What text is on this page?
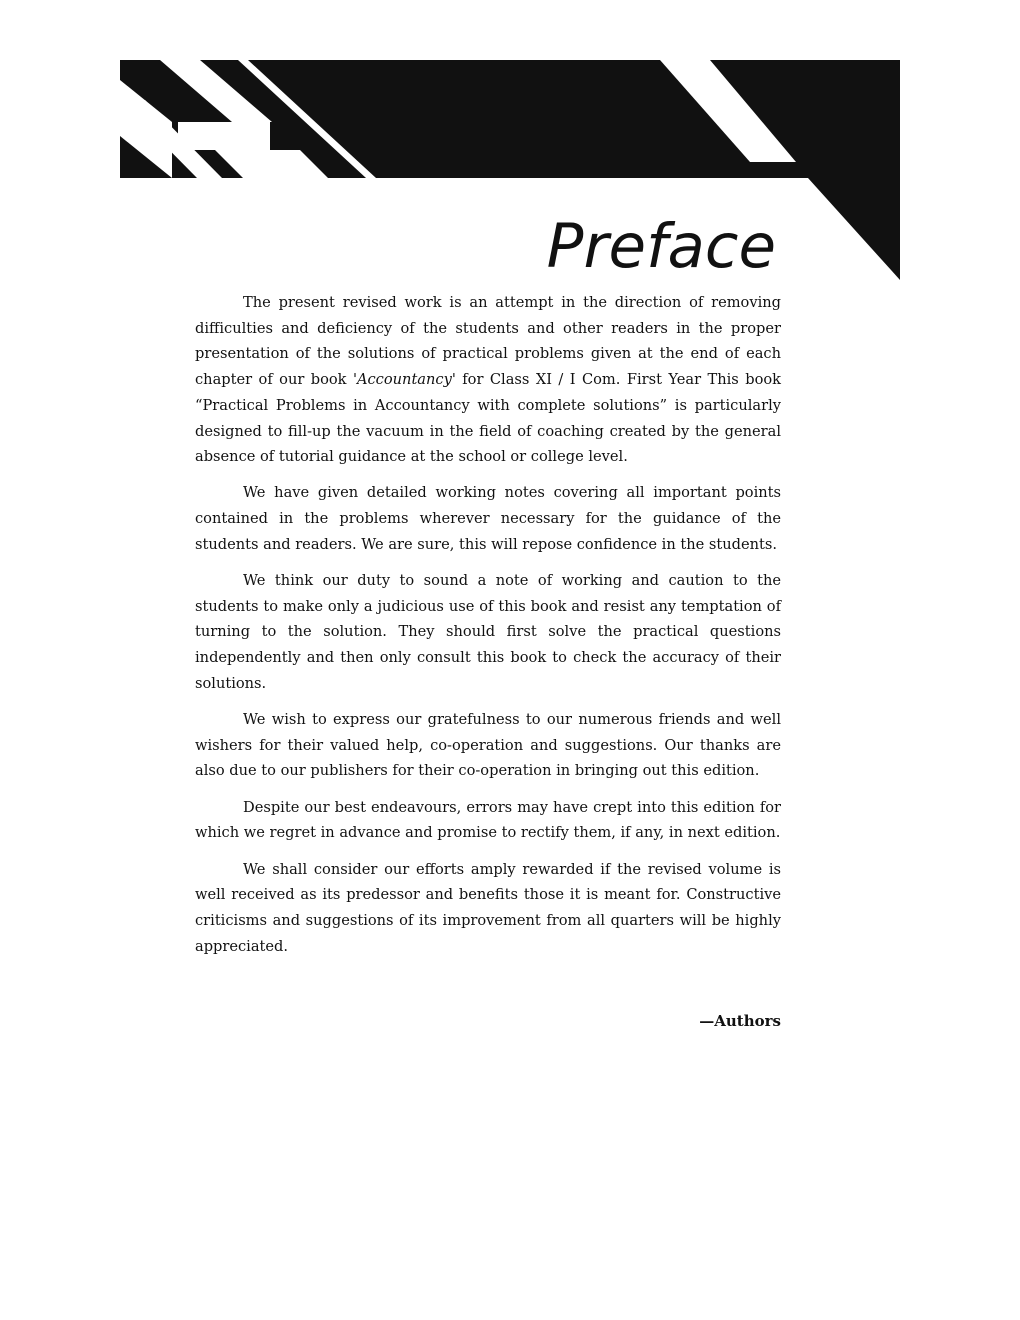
Preface

The present revised work is an attempt in the direction of removing difficulties and deficiency of the students and other readers in the proper presentation of the solutions of practical problems given at the end of each chapter of our book 'Accountancy' for Class XI / I Com. First Year This book “Practical Problems in Accountancy with complete solutions” is particularly designed to fill-up the vacuum in the field of coaching created by the general absence of tutorial guidance at the school or college level.

We have given detailed working notes covering all important points contained in the problems wherever necessary for the guidance of the students and readers. We are sure, this will repose confidence in the students.

We think our duty to sound a note of working and caution to the students to make only a judicious use of this book and resist any temptation of turning to the solution. They should first solve the practical questions independently and then only consult this book to check the accuracy of their solutions.

We wish to express our gratefulness to our numerous friends and well wishers for their valued help, co-operation and suggestions. Our thanks are also due to our publishers for their co-operation in bringing out this edition.

Despite our best endeavours, errors may have crept into this edition for which we regret in advance and promise to rectify them, if any, in next edition.

We shall consider our efforts amply rewarded if the revised volume is well received as its predessor and benefits those it is meant for. Constructive criticisms and suggestions of its improvement from all quarters will be highly appreciated.

—Authors
